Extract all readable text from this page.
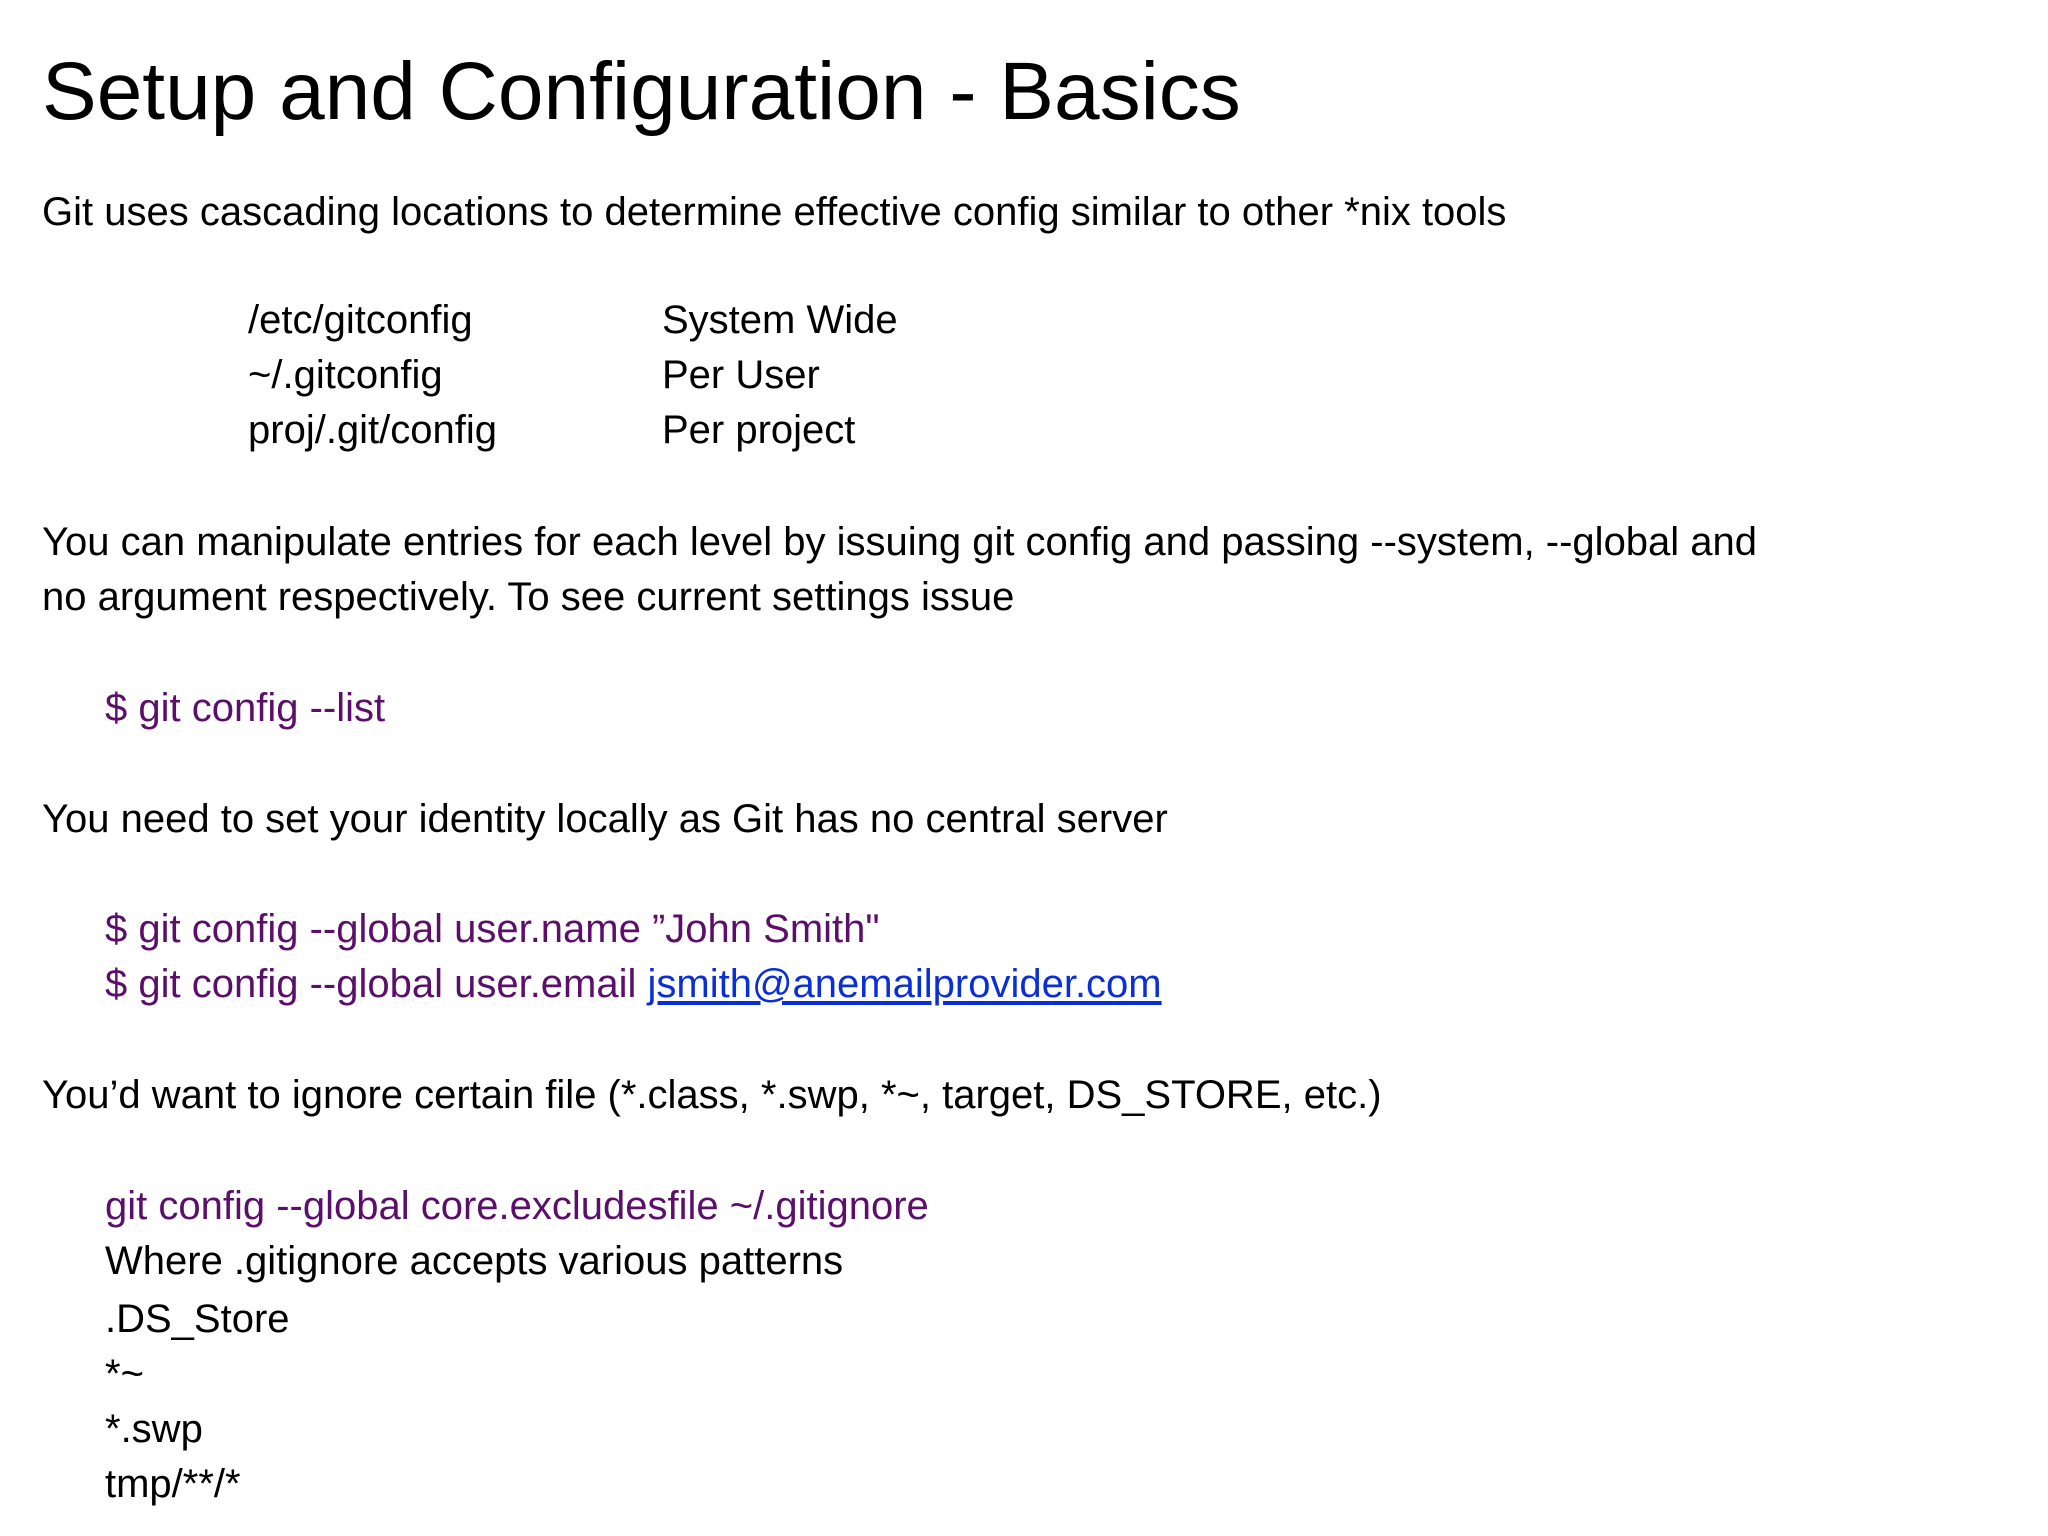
Setup and Configuration - Basics
Git uses cascading locations to determine effective config similar to other *nix tools
/etc/gitconfig	System Wide
~/.gitconfig	Per User
proj/.git/config	Per project
You can manipulate entries for each level by issuing git config and passing --system, --global and
no argument respectively. To see current settings issue
$ git config --list
You need to set your identity locally as Git has no central server
$ git config --global user.name ”John Smith"
$ git config --global user.email jsmith@anemailprovider.com
You’d want to ignore certain file (*.class, *.swp, *~, target, DS_STORE, etc.)
git config --global core.excludesfile ~/.gitignore
Where .gitignore accepts various patterns
.DS_Store
*~
*.swp
tmp/**/*
